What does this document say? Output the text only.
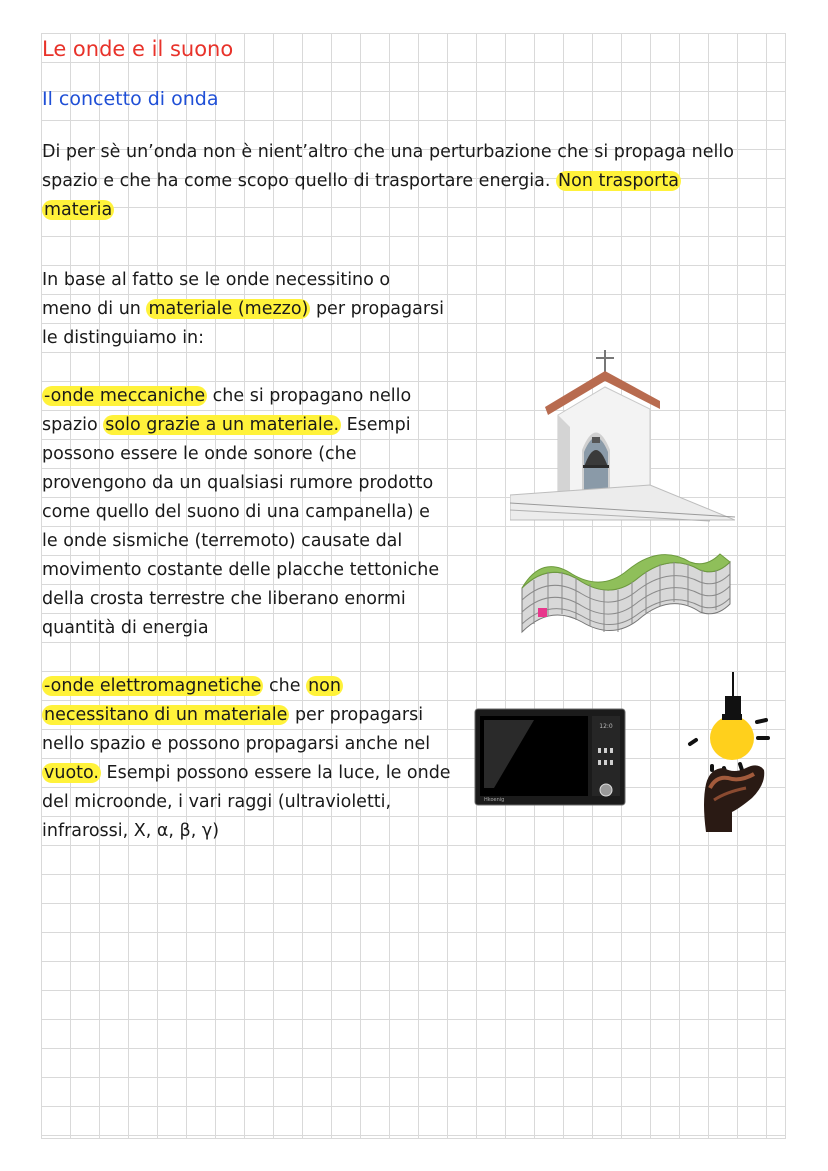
Le onde e il suono

Il concetto di onda

Di per sè un’onda non è nient’altro che una perturbazione che si propaga nello

spazio e che ha come scopo quello di trasportare energia. Non trasporta

materia

In base al fatto se le onde necessitino o

meno di un materiale (mezzo) per propagarsi

le distinguiamo in:

-onde meccaniche che si propagano nello

spazio solo grazie a un materiale. Esempi

possono essere le onde sonore (che

provengono da un qualsiasi rumore prodotto

come quello del suono di una campanella) e

le onde sismiche (terremoto) causate dal

movimento costante delle placche tettoniche

della crosta terrestre che liberano enormi

quantità di energia

-onde elettromagnetiche che non

necessitano di un materiale per propagarsi

nello spazio e possono propagarsi anche nel

vuoto. Esempi possono essere la luce, le onde

del microonde, i vari raggi (ultravioletti,

infrarossi, X, α, β, γ)

12:0
Hkoenig
